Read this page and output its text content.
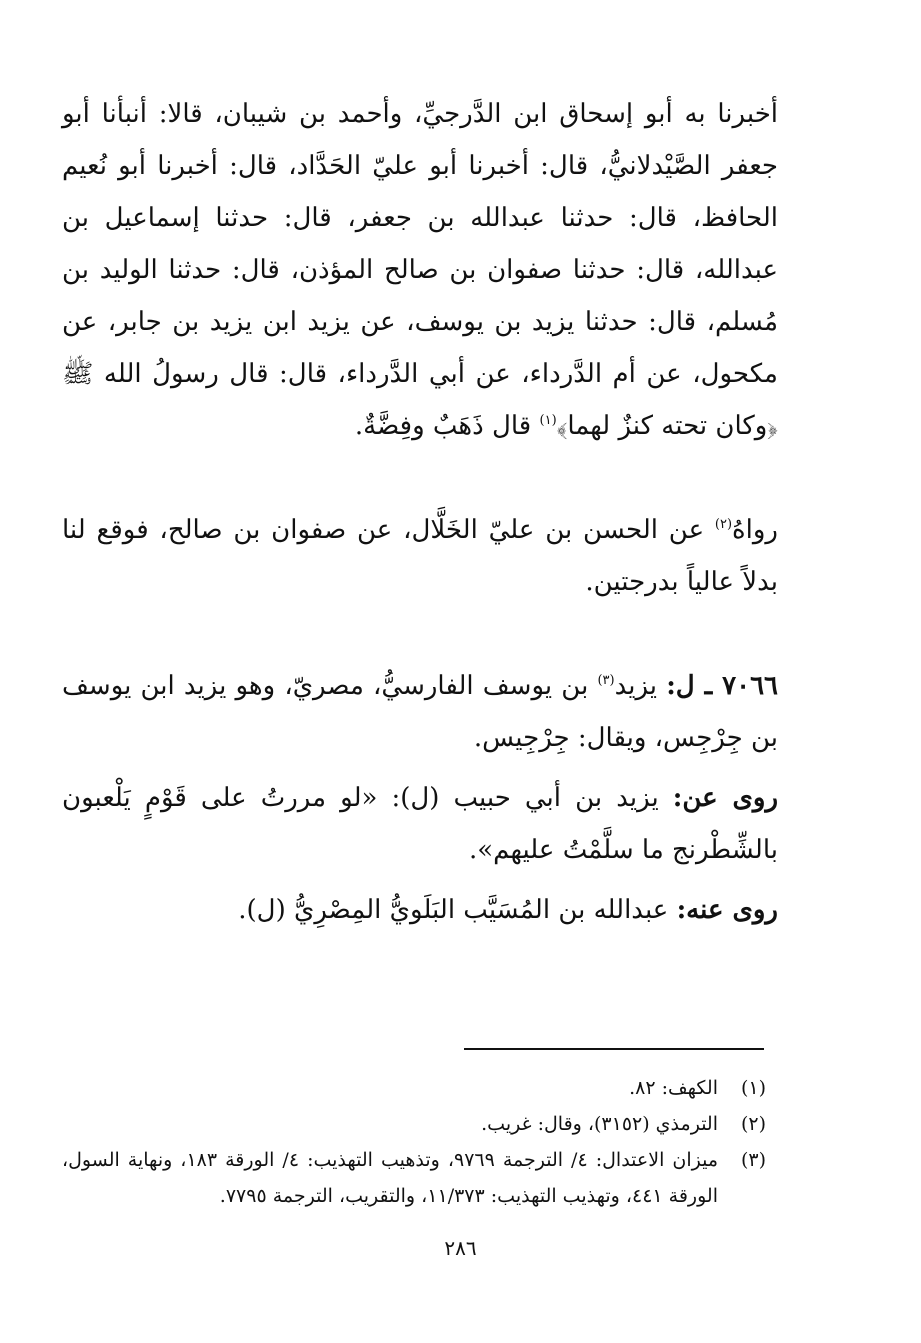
أخبرنا به أبو إسحاق ابن الدَّرجيِّ، وأحمد بن شيبان، قالا: أنبأنا أبو جعفر الصَّيْدلانيُّ، قال: أخبرنا أبو عليّ الحَدَّاد، قال: أخبرنا أبو نُعيم الحافظ، قال: حدثنا عبدالله بن جعفر، قال: حدثنا إسماعيل بن عبدالله، قال: حدثنا صفوان بن صالح المؤذن، قال: حدثنا الوليد بن مُسلم، قال: حدثنا يزيد بن يوسف، عن يزيد ابن يزيد بن جابر، عن مكحول، عن أم الدَّرداء، عن أبي الدَّرداء، قال: قال رسولُ الله ﷺ ﴿وكان تحته كنزٌ لهما﴾$^{(١)}$ قال ذَهَبٌ وفِضَّةٌ.

رواهُ$^{(٢)}$ عن الحسن بن عليّ الخَلَّال، عن صفوان بن صالح، فوقع لنا بدلاً عالياً بدرجتين.

٧٠٦٦ ـ ل: يزيد$^{(٣)}$ بن يوسف الفارسيُّ، مصريّ، وهو يزيد ابن يوسف بن جِرْجِس، ويقال: جِرْجِيس.

روى عن: يزيد بن أبي حبيب (ل): «لو مررتُ على قَوْمٍ يَلْعبون بالشِّطْرنج ما سلَّمْتُ عليهم».

روى عنه: عبدالله بن المُسَيَّب البَلَويُّ المِصْرِيُّ (ل).

(١)
الكهف: ٨٢.
(٢)
الترمذي (٣١٥٢)، وقال: غريب.
(٣)
ميزان الاعتدال: ٤/ الترجمة ٩٧٦٩، وتذهيب التهذيب: ٤/ الورقة ١٨٣، ونهاية السول، الورقة ٤٤١، وتهذيب التهذيب: ١١/٣٧٣، والتقريب، الترجمة ٧٧٩٥.
٢٨٦
